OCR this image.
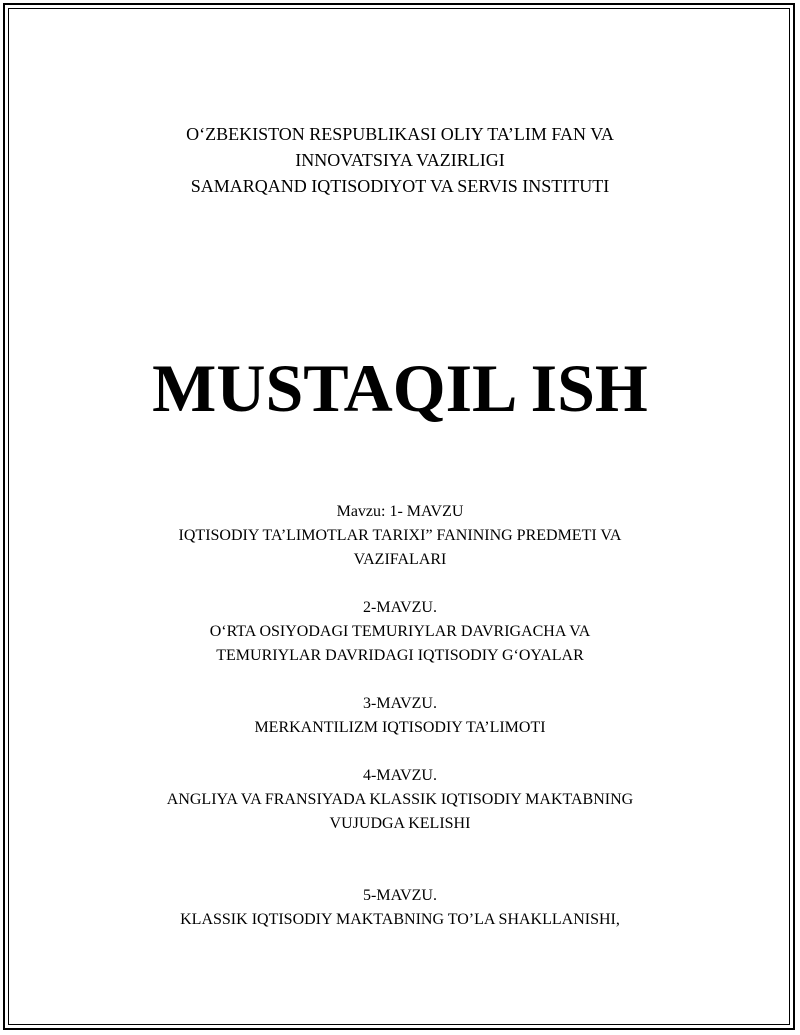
O‘ZBEKISTON RESPUBLIKASI OLIY TA’LIM FAN VA
INNOVATSIYA VAZIRLIGI
SAMARQAND IQTISODIYOT VA SERVIS INSTITUTI
MUSTAQIL ISH
Mavzu: 1- MAVZU
IQTISODIY TA’LIMOTLAR TARIXI” FANINING PREDMETI VA
VAZIFALARI
2-MAVZU.
O‘RTA OSIYODAGI TEMURIYLAR DAVRIGACHA VA
TEMURIYLAR DAVRIDAGI IQTISODIY G‘OYALAR
3-MAVZU.
MERKANTILIZM IQTISODIY TA’LIMOTI
4-MAVZU.
ANGLIYA VA FRANSIYADA KLASSIK IQTISODIY MAKTABNING
VUJUDGA KELISHI
5-MAVZU.
KLASSIK IQTISODIY MAKTABNING TO’LA SHAKLLANISHI,
